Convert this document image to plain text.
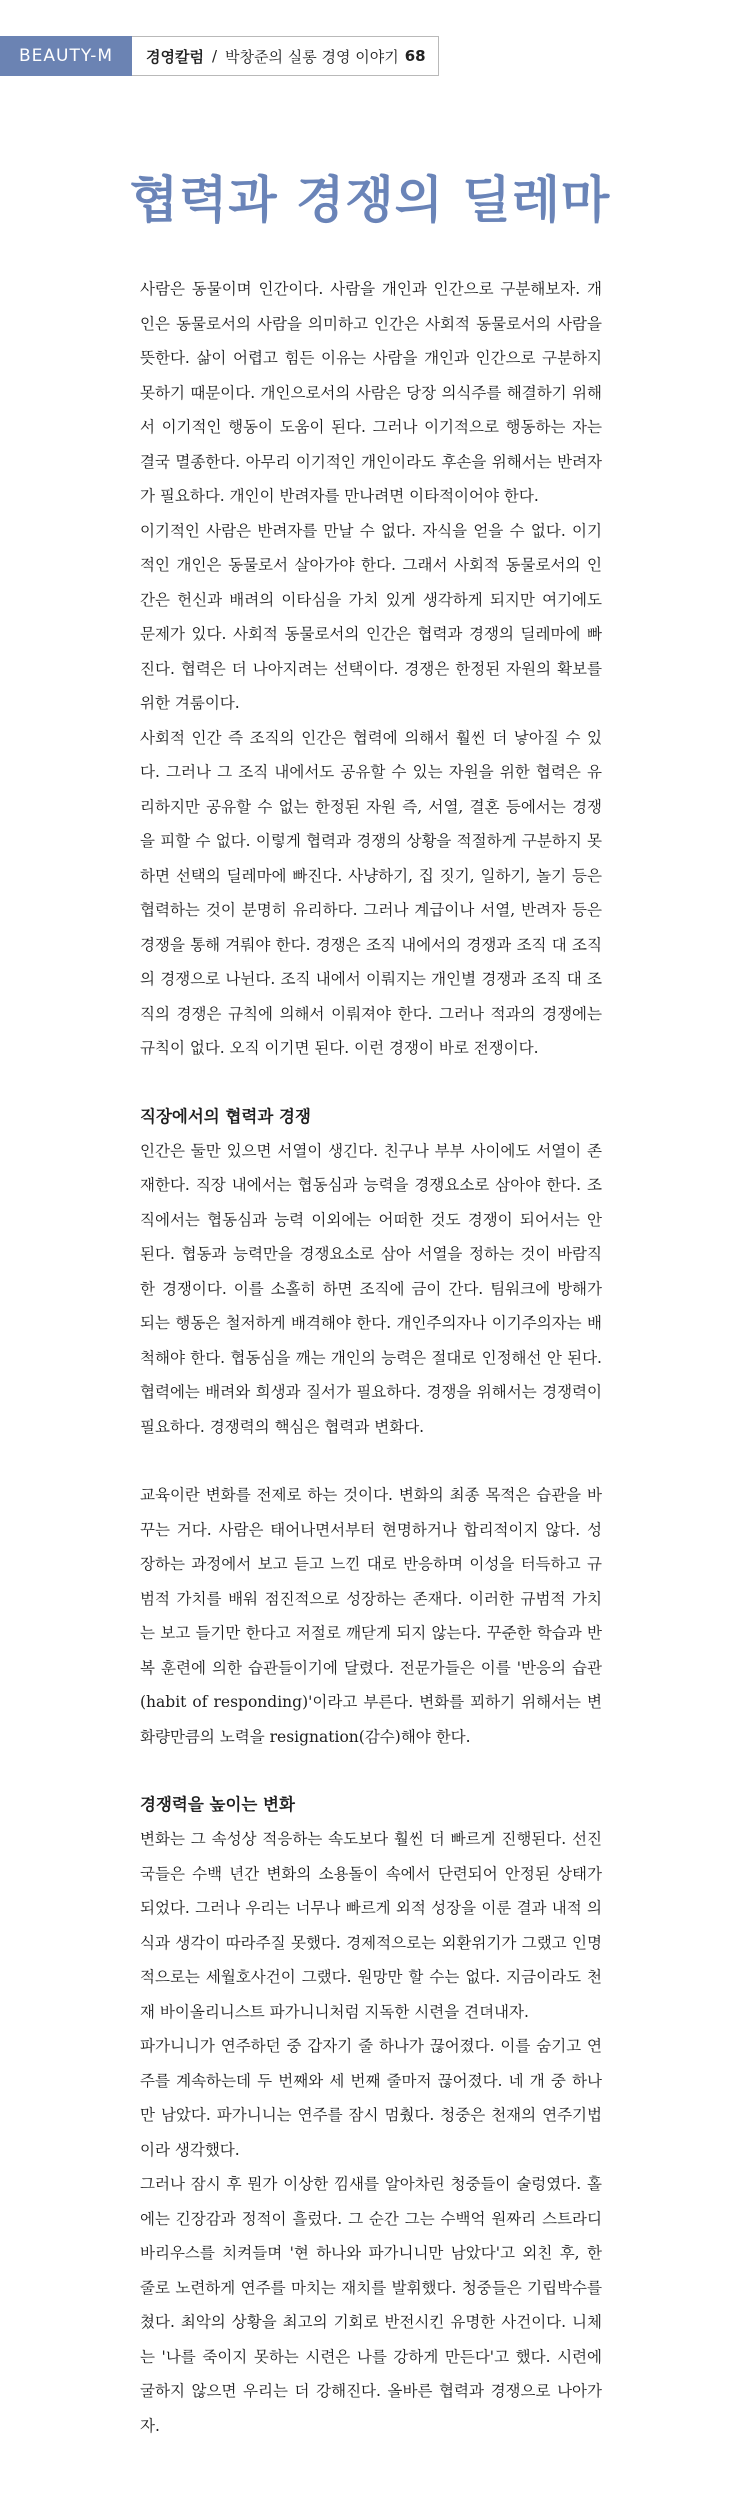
BEAUTY-M	경영칼럼 / 박창준의 실롱 경영 이야기 68
협력과 경쟁의 딜레마

사람은 동물이며 인간이다. 사람을 개인과 인간으로 구분해보자. 개인은 동물로서의 사람을 의미하고 인간은 사회적 동물로서의 사람을 뜻한다. 삶이 어렵고 힘든 이유는 사람을 개인과 인간으로 구분하지 못하기 때문이다. 개인으로서의 사람은 당장 의식주를 해결하기 위해서 이기적인 행동이 도움이 된다. 그러나 이기적으로 행동하는 자는 결국 멸종한다. 아무리 이기적인 개인이라도 후손을 위해서는 반려자가 필요하다. 개인이 반려자를 만나려면 이타적이어야 한다.

이기적인 사람은 반려자를 만날 수 없다. 자식을 얻을 수 없다. 이기적인 개인은 동물로서 살아가야 한다. 그래서 사회적 동물로서의 인간은 헌신과 배려의 이타심을 가치 있게 생각하게 되지만 여기에도 문제가 있다. 사회적 동물로서의 인간은 협력과 경쟁의 딜레마에 빠진다. 협력은 더 나아지려는 선택이다. 경쟁은 한정된 자원의 확보를 위한 겨룸이다.

사회적 인간 즉 조직의 인간은 협력에 의해서 훨씬 더 낳아질 수 있다. 그러나 그 조직 내에서도 공유할 수 있는 자원을 위한 협력은 유리하지만 공유할 수 없는 한정된 자원 즉, 서열, 결혼 등에서는 경쟁을 피할 수 없다. 이렇게 협력과 경쟁의 상황을 적절하게 구분하지 못하면 선택의 딜레마에 빠진다. 사냥하기, 집 짓기, 일하기, 놀기 등은 협력하는 것이 분명히 유리하다. 그러나 계급이나 서열, 반려자 등은 경쟁을 통해 겨뤄야 한다. 경쟁은 조직 내에서의 경쟁과 조직 대 조직의 경쟁으로 나뉜다. 조직 내에서 이뤄지는 개인별 경쟁과 조직 대 조직의 경쟁은 규칙에 의해서 이뤄져야 한다. 그러나 적과의 경쟁에는 규칙이 없다. 오직 이기면 된다. 이런 경쟁이 바로 전쟁이다.

직장에서의 협력과 경쟁

인간은 둘만 있으면 서열이 생긴다. 친구나 부부 사이에도 서열이 존재한다. 직장 내에서는 협동심과 능력을 경쟁요소로 삼아야 한다. 조직에서는 협동심과 능력 이외에는 어떠한 것도 경쟁이 되어서는 안 된다. 협동과 능력만을 경쟁요소로 삼아 서열을 정하는 것이 바람직한 경쟁이다. 이를 소홀히 하면 조직에 금이 간다. 팀워크에 방해가 되는 행동은 철저하게 배격해야 한다. 개인주의자나 이기주의자는 배척해야 한다. 협동심을 깨는 개인의 능력은 절대로 인정해선 안 된다. 협력에는 배려와 희생과 질서가 필요하다. 경쟁을 위해서는 경쟁력이 필요하다. 경쟁력의 핵심은 협력과 변화다.

교육이란 변화를 전제로 하는 것이다. 변화의 최종 목적은 습관을 바꾸는 거다. 사람은 태어나면서부터 현명하거나 합리적이지 않다. 성장하는 과정에서 보고 듣고 느낀 대로 반응하며 이성을 터득하고 규범적 가치를 배워 점진적으로 성장하는 존재다. 이러한 규범적 가치는 보고 들기만 한다고 저절로 깨닫게 되지 않는다. 꾸준한 학습과 반복 훈련에 의한 습관들이기에 달렸다. 전문가들은 이를 '반응의 습관(habit of responding)'이라고 부른다. 변화를 꾀하기 위해서는 변화량만큼의 노력을 resignation(감수)해야 한다.

경쟁력을 높이는 변화

변화는 그 속성상 적응하는 속도보다 훨씬 더 빠르게 진행된다. 선진국들은 수백 년간 변화의 소용돌이 속에서 단련되어 안정된 상태가 되었다. 그러나 우리는 너무나 빠르게 외적 성장을 이룬 결과 내적 의식과 생각이 따라주질 못했다. 경제적으로는 외환위기가 그랬고 인명적으로는 세월호사건이 그랬다. 원망만 할 수는 없다. 지금이라도 천재 바이올리니스트 파가니니처럼 지독한 시련을 견뎌내자.

파가니니가 연주하던 중 갑자기 줄 하나가 끊어졌다. 이를 숨기고 연주를 계속하는데 두 번째와 세 번째 줄마저 끊어졌다. 네 개 중 하나만 남았다. 파가니니는 연주를 잠시 멈췄다. 청중은 천재의 연주기법이라 생각했다.

그러나 잠시 후 뭔가 이상한 낌새를 알아차린 청중들이 술렁였다. 홀에는 긴장감과 정적이 흘렀다. 그 순간 그는 수백억 원짜리 스트라디바리우스를 치켜들며 '현 하나와 파가니니만 남았다'고 외친 후, 한 줄로 노련하게 연주를 마치는 재치를 발휘했다. 청중들은 기립박수를 쳤다. 최악의 상황을 최고의 기회로 반전시킨 유명한 사건이다. 니체는 '나를 죽이지 못하는 시련은 나를 강하게 만든다'고 했다. 시련에 굴하지 않으면 우리는 더 강해진다. 올바른 협력과 경쟁으로 나아가자.
